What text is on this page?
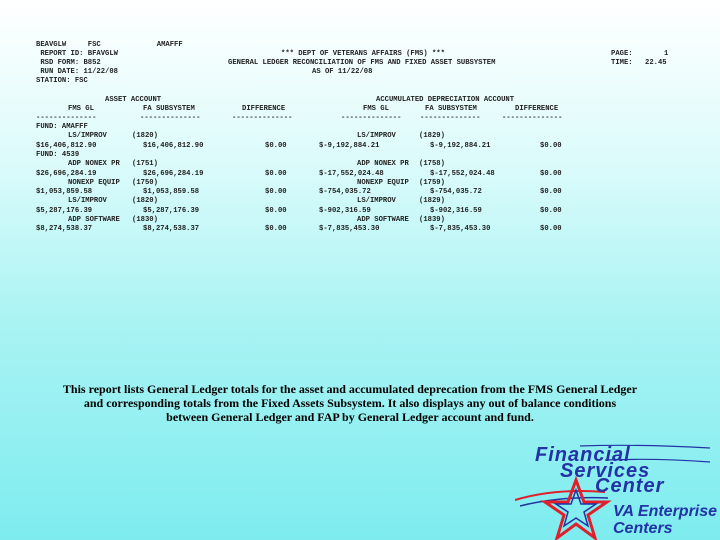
BEAVGLW     FSC             AMAFFF
REPORT ID: BFAVGLW
RSD FORM: B852
RUN DATE: 11/22/08
STATION: FSC
*** DEPT OF VETERANS AFFAIRS (FMS) ***
GENERAL LEDGER RECONCILIATION OF FMS AND FIXED ASSET SUBSYSTEM
AS OF 11/22/08
PAGE:	1
TIME: 22.45
ASSET ACCOUNT	ACCUMULATED DEPRECIATION ACCOUNT
FMS GL	FA SUBSYSTEM	DIFFERENCE	FMS GL	FA SUBSYSTEM	DIFFERENCE
--------------	--------------	--------------	--------------	--------------	--------------
FUND: AMAFFF
LS/IMPROV	(1820)	LS/IMPROV	(1829)
$16,406,812.90	$16,406,812.90	$0.00	$-9,192,884.21	$-9,192,884.21	$0.00
FUND: 4539
ADP NONEX PR (1751)	ADP NONEX PR (1758)
$26,696,284.19	$26,696,284.19	$0.00	$-17,552,024.48	$-17,552,024.48	$0.00
NONEXP EQUIP (1750)	NONEXP EQUIP (1759)
$1,053,859.58	$1,053,859.58	$0.00	$-754,035.72	$-754,035.72	$0.00
LS/IMPROV	(1820)	LS/IMPROV	(1829)
$5,287,176.39	$5,287,176.39	$0.00	$-902,316.59	$-902,316.59	$0.00
ADP SOFTWARE (1830)	ADP SOFTWARE (1839)
$8,274,538.37	$8,274,538.37	$0.00	$-7,835,453.30	$-7,835,453.30	$0.00
This report lists General Ledger totals for the asset and accumulated deprecation from the FMS General Ledger
and corresponding totals from the Fixed Assets Subsystem. It also displays any out of balance conditions
between General Ledger and FAP by General Ledger account and fund.
Financial
Services
Center
VA Enterprise
Centers
